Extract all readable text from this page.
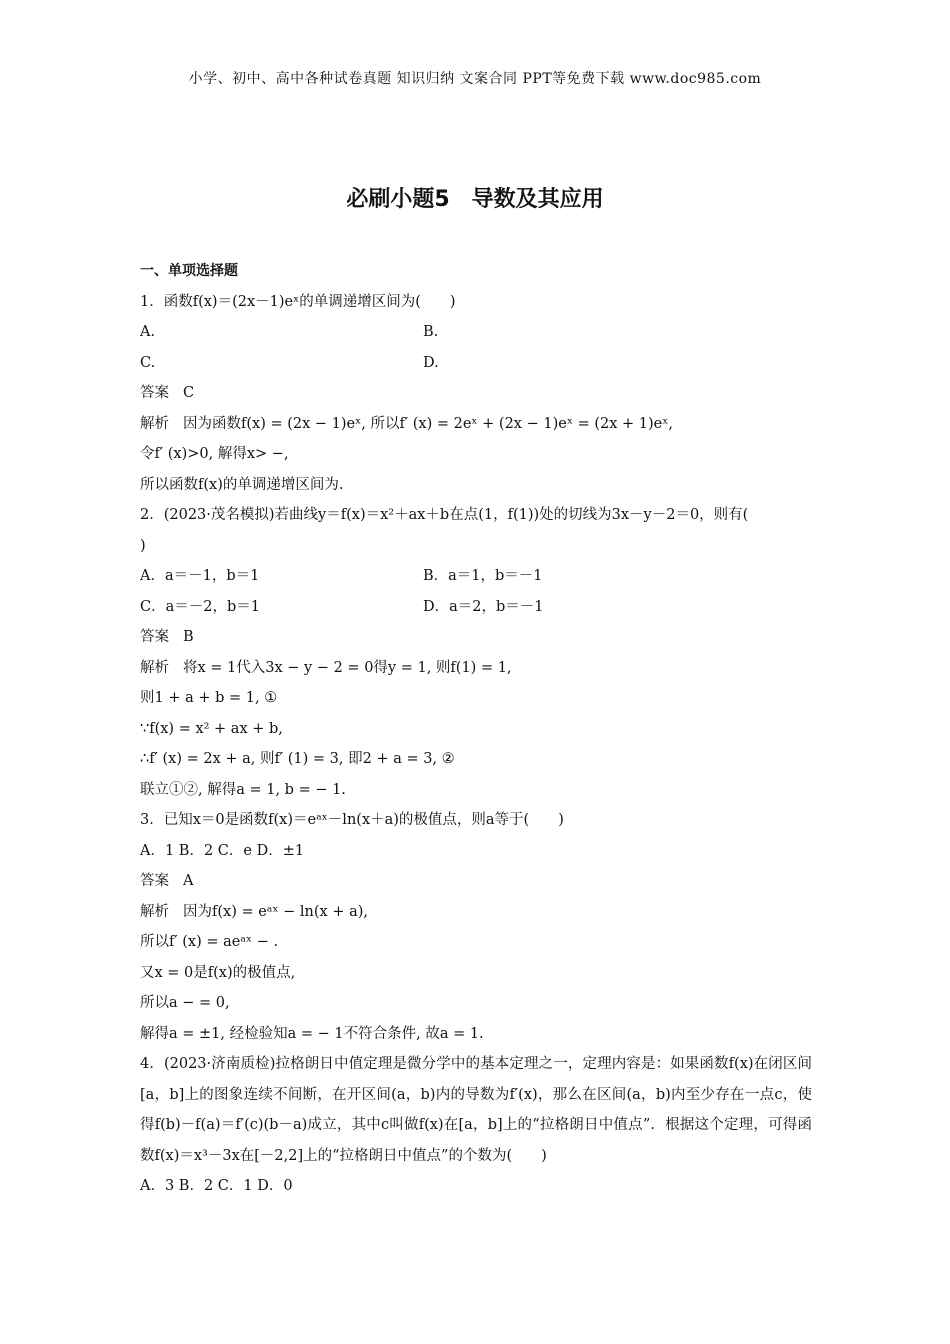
小学、初中、高中各种试卷真题 知识归纳 文案合同 PPT等免费下载 www.doc985.com
必刷小题5　导数及其应用
一、单项选择题
1．函数f(x)＝(2x－1)eˣ的单调递增区间为(　　)
A.	B.
C.	D.
答案 C
解析 因为函数f(x) = (2x − 1)eˣ, 所以f′ (x) = 2eˣ + (2x − 1)eˣ = (2x + 1)eˣ,
令f′ (x)>0, 解得x> −,
所以函数f(x)的单调递增区间为.
2．(2023·茂名模拟)若曲线y＝f(x)＝x²＋ax＋b在点(1，f(1))处的切线为3x－y－2＝0，则有(
)
A．a＝－1，b＝1	B．a＝1，b＝－1
C．a＝－2，b＝1	D．a＝2，b＝－1
答案 B
解析 将x = 1代入3x − y − 2 = 0得y = 1, 则f(1) = 1,
则1 + a + b = 1, ①
∵f(x) = x² + ax + b,
∴f′ (x) = 2x + a, 则f′ (1) = 3, 即2 + a = 3, ②
联立①②, 解得a = 1, b = − 1.
3．已知x＝0是函数f(x)＝eᵃˣ－ln(x＋a)的极值点，则a等于(　　)
A．1 B．2 C．e D．±1
答案 A
解析 因为f(x) = eᵃˣ − ln(x + a),
所以f′ (x) = aeᵃˣ − .
又x = 0是f(x)的极值点,
所以a − = 0,
解得a = ±1, 经检验知a = − 1不符合条件, 故a = 1.
4．(2023·济南质检)拉格朗日中值定理是微分学中的基本定理之一，定理内容是：如果函数f(x)在闭区间[a，b]上的图象连续不间断，在开区间(a，b)内的导数为f′(x)，那么在区间(a，b)内至少存在一点c，使得f(b)－f(a)＝f′(c)(b－a)成立，其中c叫做f(x)在[a，b]上的“拉格朗日中值点”．根据这个定理，可得函数f(x)＝x³－3x在[－2,2]上的“拉格朗日中值点”的个数为(　　)
A．3 B．2 C．1 D．0
